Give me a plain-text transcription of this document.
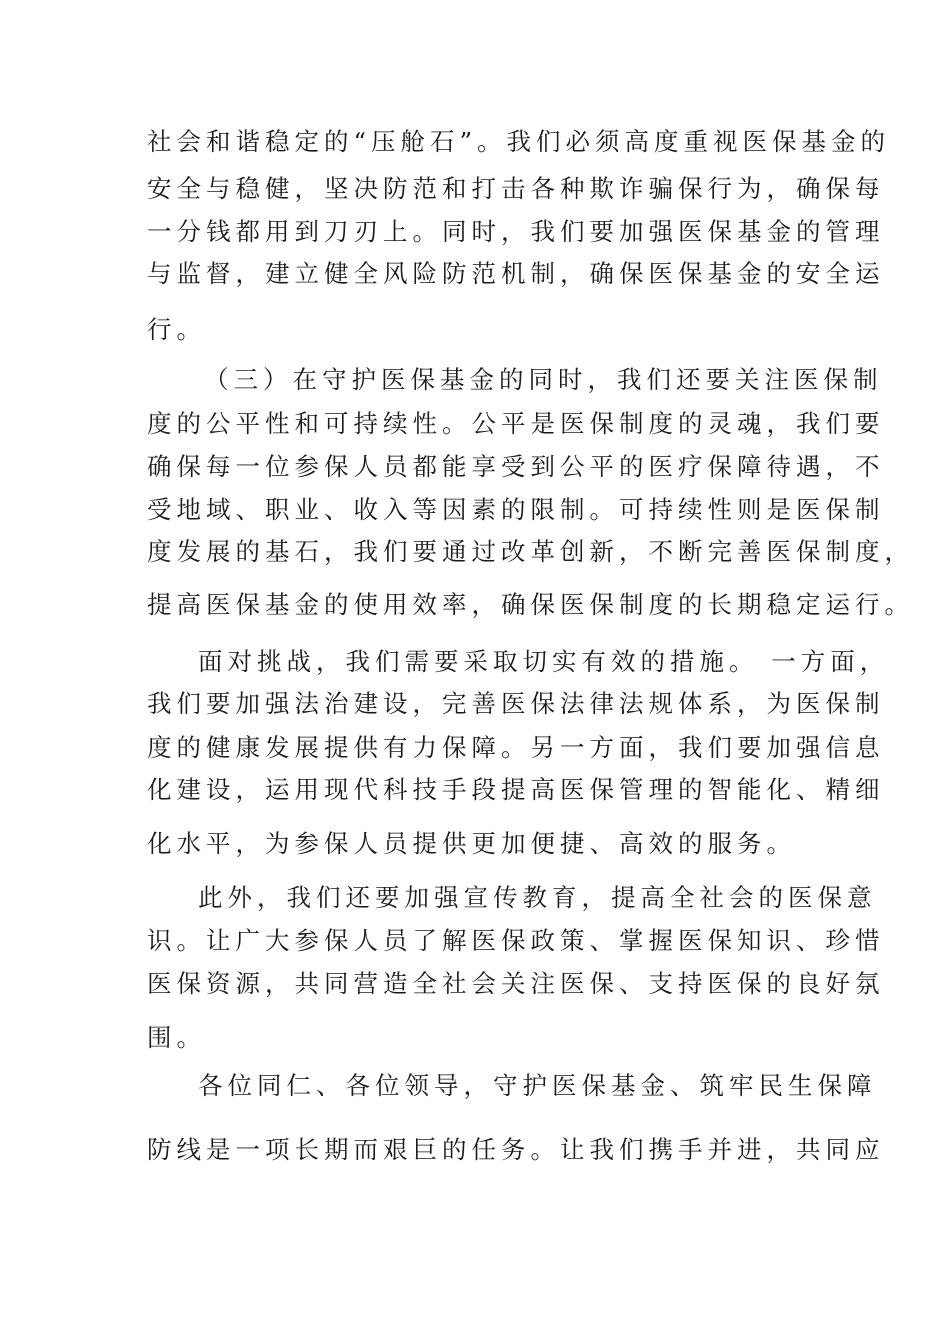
社会和谐稳定的“压舱石”。我们必须高度重视医保基金的
安全与稳健，坚决防范和打击各种欺诈骗保行为，确保每
一分钱都用到刀刃上。同时，我们要加强医保基金的管理
与监督，建立健全风险防范机制，确保医保基金的安全运
行。
（三）在守护医保基金的同时，我们还要关注医保制
度的公平性和可持续性。公平是医保制度的灵魂，我们要
确保每一位参保人员都能享受到公平的医疗保障待遇，不
受地域、职业、收入等因素的限制。可持续性则是医保制
度发展的基石，我们要通过改革创新，不断完善医保制度，
提高医保基金的使用效率，确保医保制度的长期稳定运行。
面对挑战，我们需要采取切实有效的措施。 一方面，
我们要加强法治建设，完善医保法律法规体系，为医保制
度的健康发展提供有力保障。另一方面，我们要加强信息
化建设，运用现代科技手段提高医保管理的智能化、精细
化水平，为参保人员提供更加便捷、高效的服务。
此外，我们还要加强宣传教育，提高全社会的医保意
识。让广大参保人员了解医保政策、掌握医保知识、珍惜
医保资源，共同营造全社会关注医保、支持医保的良好氛
围。
各位同仁、各位领导，守护医保基金、筑牢民生保障
防线是一项长期而艰巨的任务。让我们携手并进，共同应
